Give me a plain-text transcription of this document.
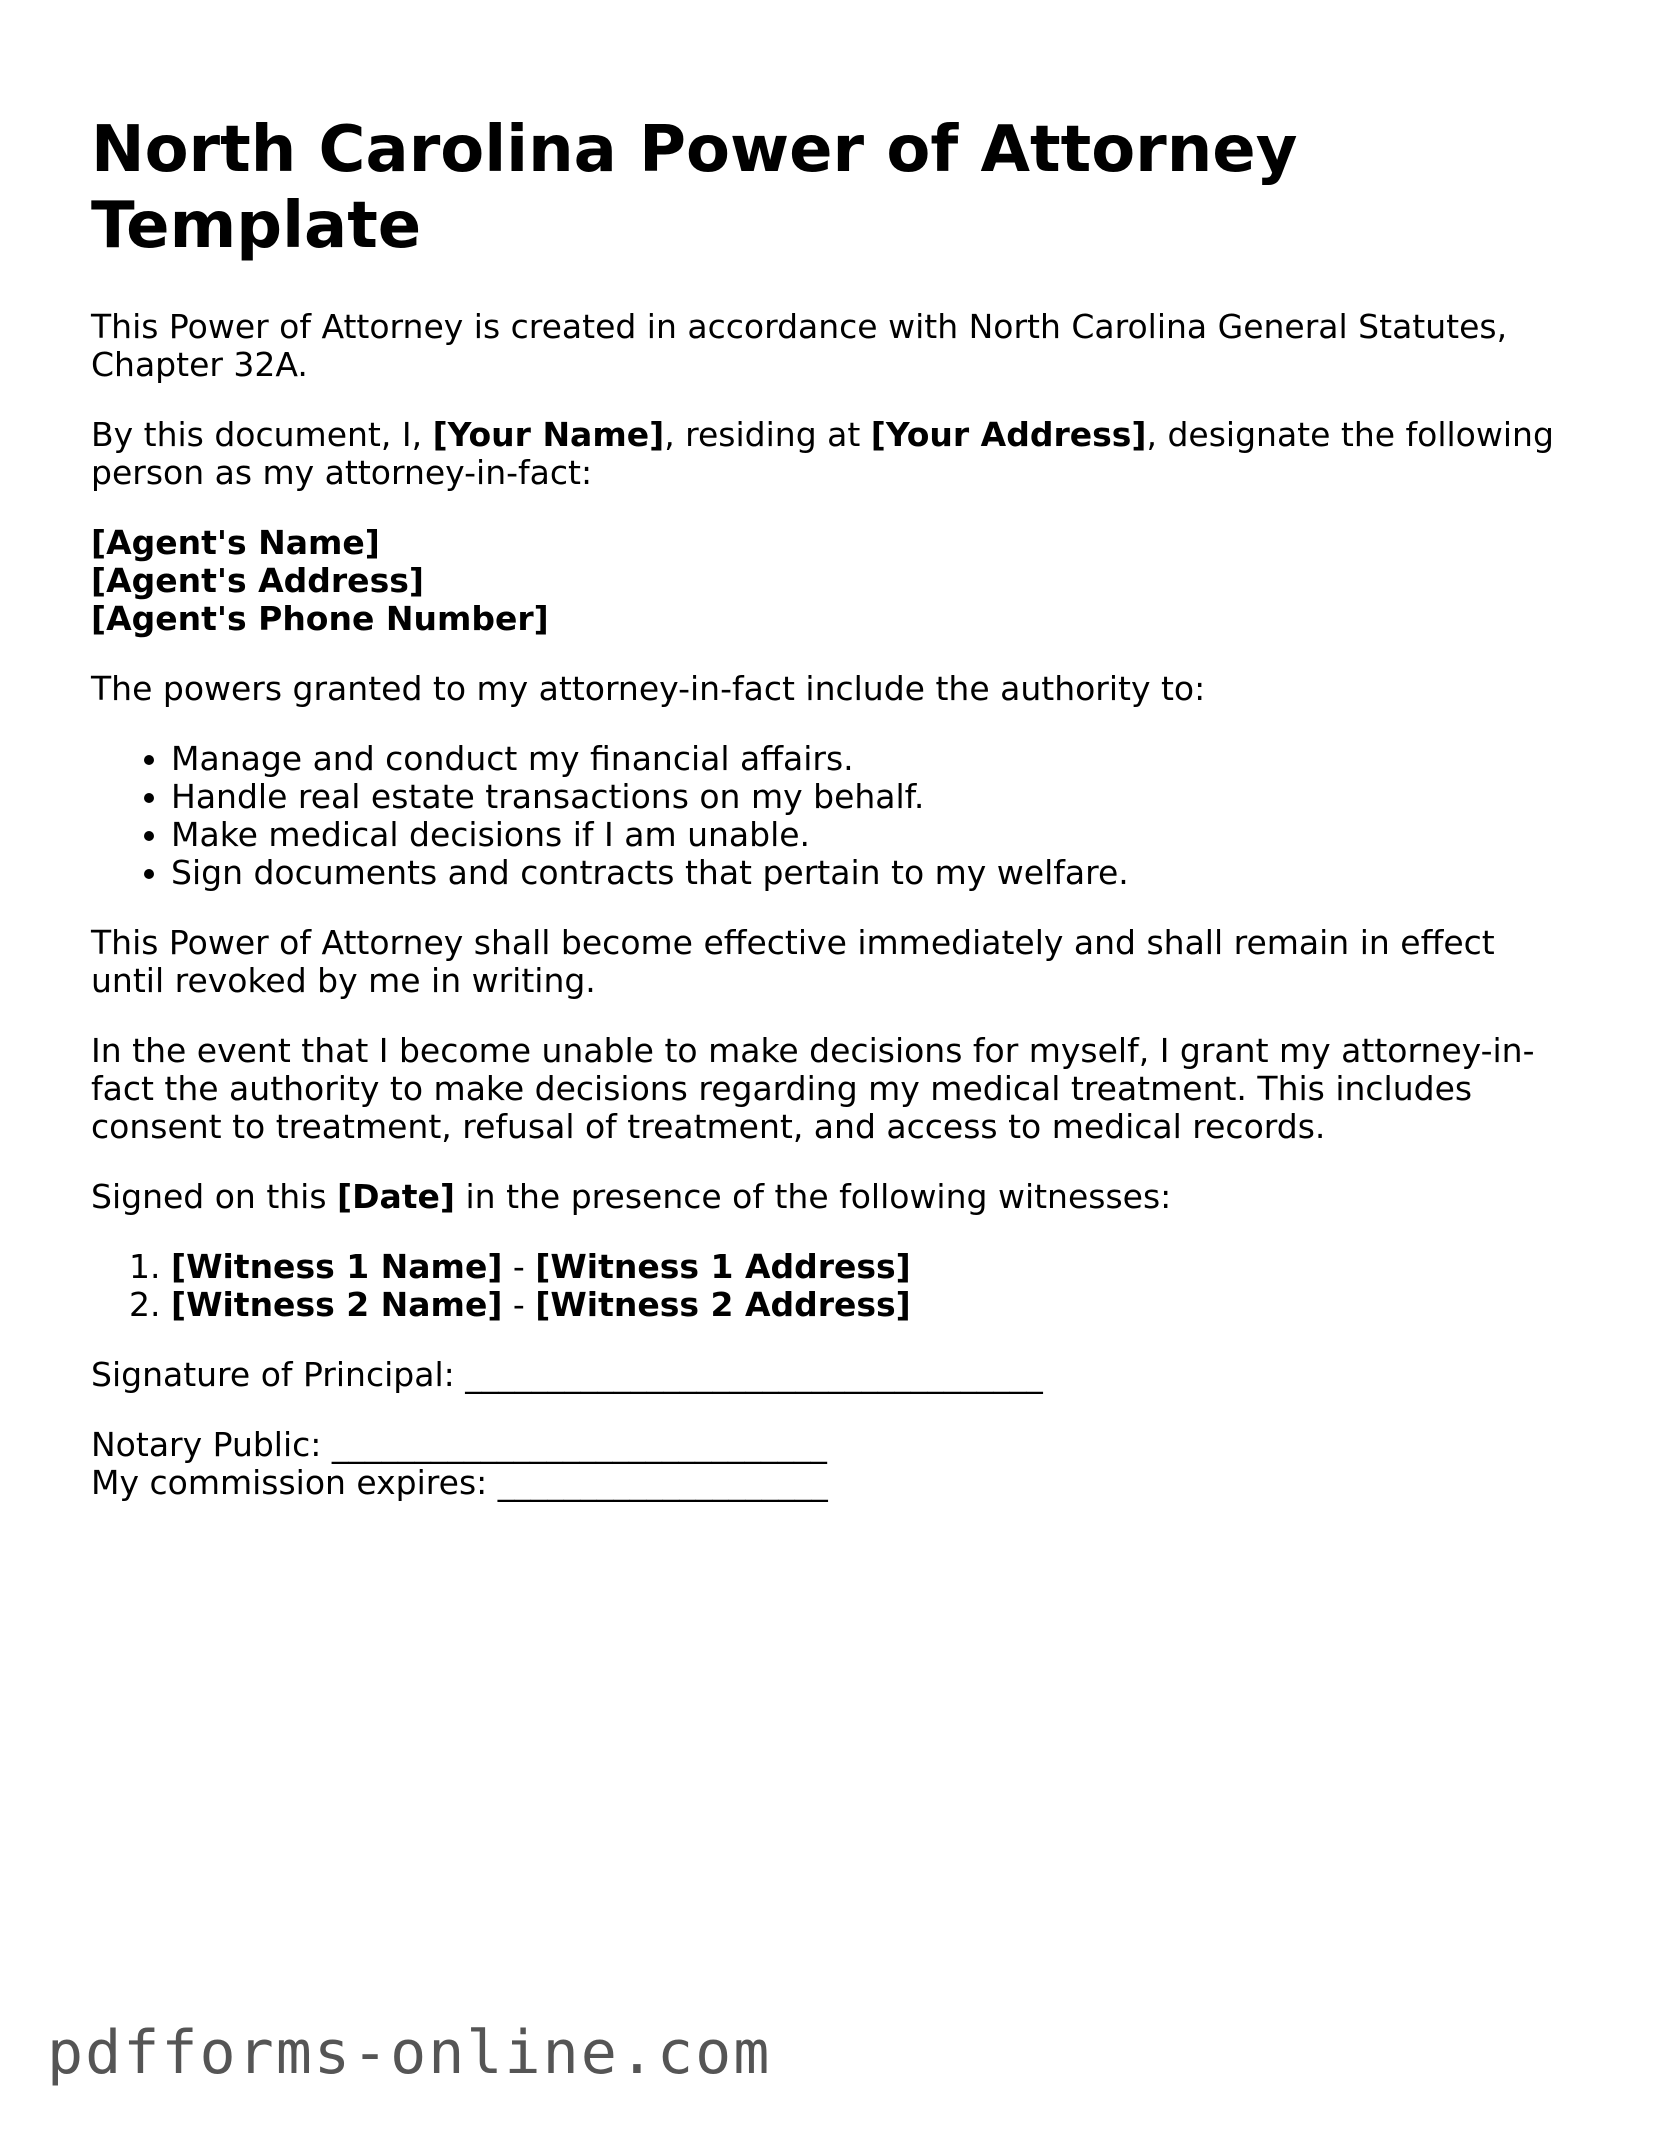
North Carolina Power of Attorney Template

This Power of Attorney is created in accordance with North Carolina General Statutes, Chapter 32A.

By this document, I, [Your Name], residing at [Your Address], designate the following person as my attorney-in-fact:

[Agent's Name]
[Agent's Address]
[Agent's Phone Number]

The powers granted to my attorney-in-fact include the authority to:

• Manage and conduct my financial affairs.
• Handle real estate transactions on my behalf.
• Make medical decisions if I am unable.
• Sign documents and contracts that pertain to my welfare.

This Power of Attorney shall become effective immediately and shall remain in effect until revoked by me in writing.

In the event that I become unable to make decisions for myself, I grant my attorney-in-fact the authority to make decisions regarding my medical treatment. This includes consent to treatment, refusal of treatment, and access to medical records.

Signed on this [Date] in the presence of the following witnesses:

1. [Witness 1 Name] - [Witness 1 Address]
2. [Witness 2 Name] - [Witness 2 Address]

Signature of Principal: ___________________________________

Notary Public: ______________________________
My commission expires: ____________________
pdfforms-online.com
